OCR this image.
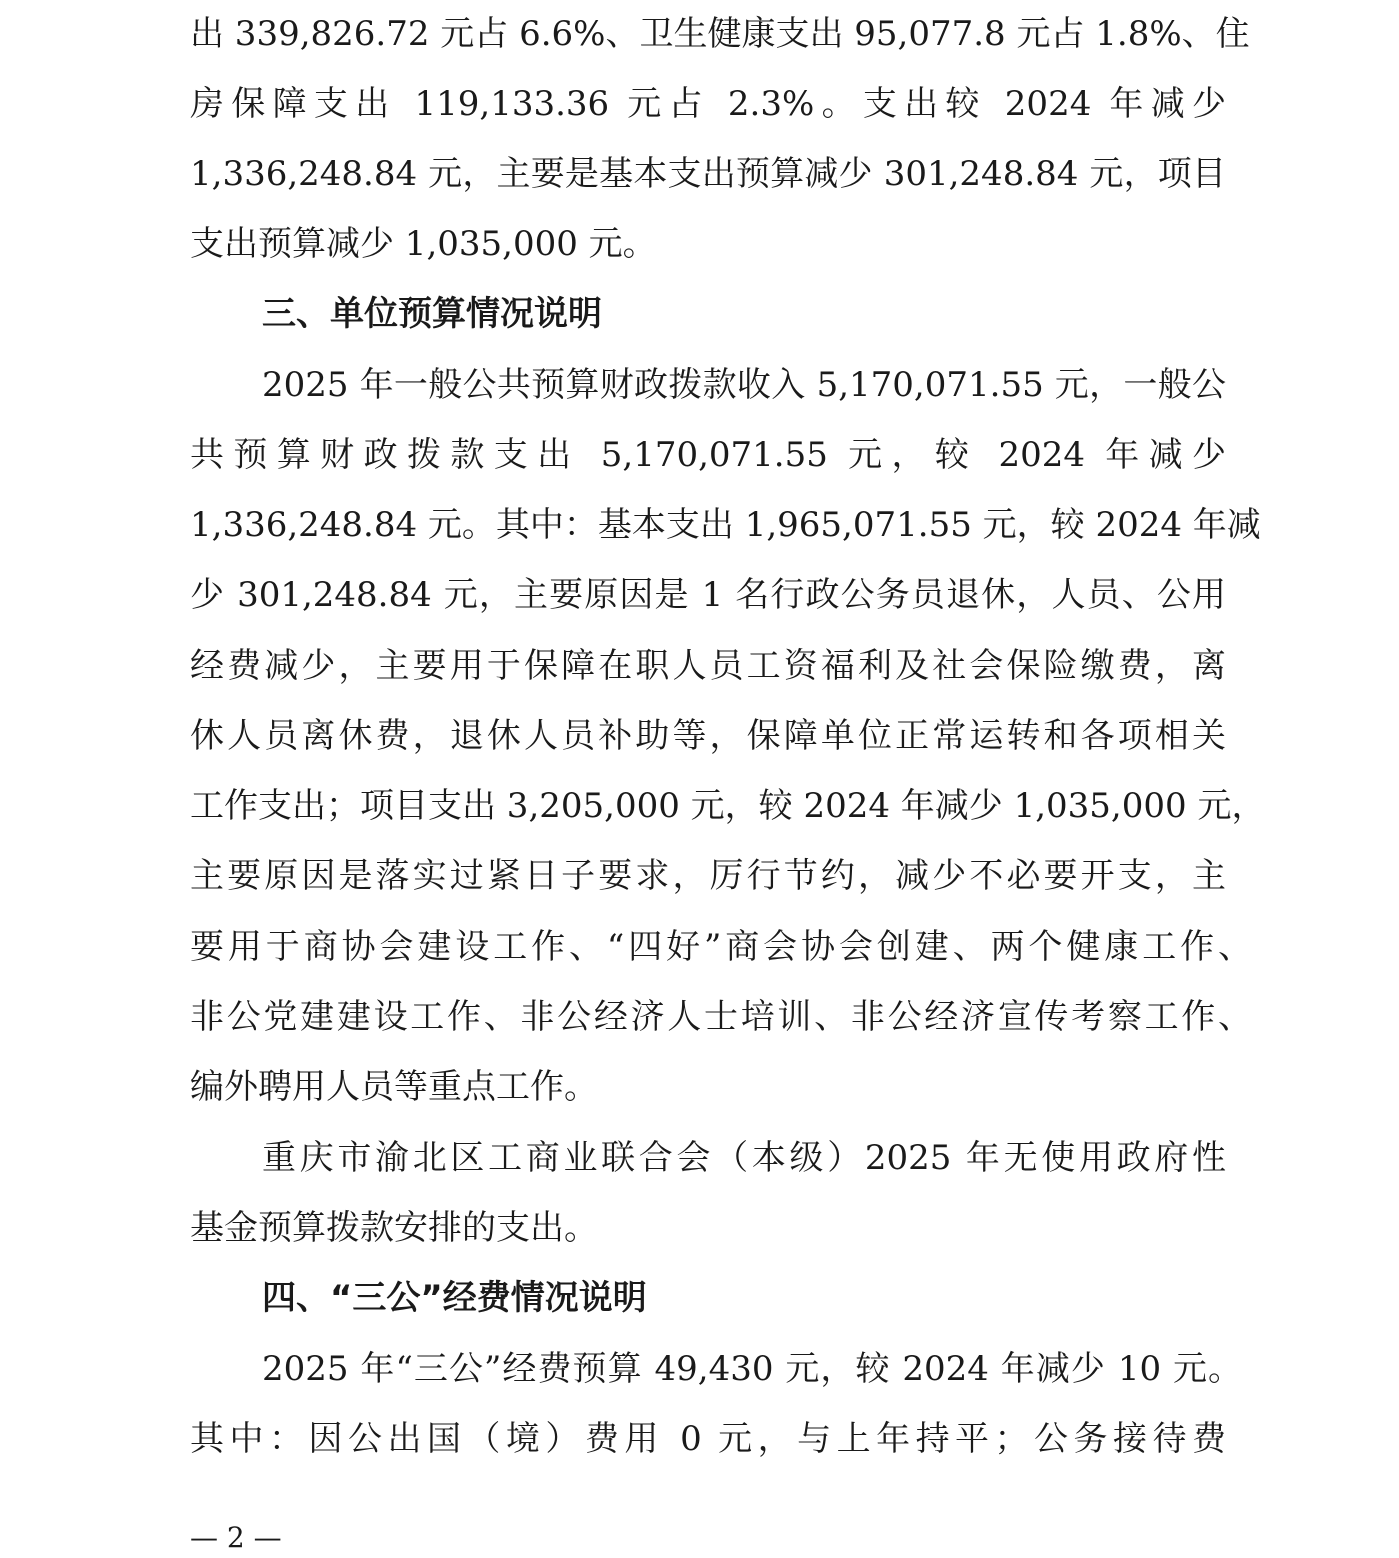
出 339,826.72 元占 6.6%、卫生健康支出 95,077.8 元占 1.8%、住
房保障支出 119,133.36 元占 2.3%。支出较 2024 年减少
1,336,248.84 元，主要是基本支出预算减少 301,248.84 元，项目
支出预算减少 1,035,000 元。
三、单位预算情况说明
2025 年一般公共预算财政拨款收入 5,170,071.55 元，一般公
共预算财政拨款支出 5,170,071.55 元，较 2024 年减少
1,336,248.84 元。其中：基本支出 1,965,071.55 元，较 2024 年减
少 301,248.84 元，主要原因是 1 名行政公务员退休，人员、公用
经费减少，主要用于保障在职人员工资福利及社会保险缴费，离
休人员离休费，退休人员补助等，保障单位正常运转和各项相关
工作支出；项目支出 3,205,000 元，较 2024 年减少 1,035,000 元，
主要原因是落实过紧日子要求，厉行节约，减少不必要开支，主
要用于商协会建设工作、“四好”商会协会创建、两个健康工作、
非公党建建设工作、非公经济人士培训、非公经济宣传考察工作、
编外聘用人员等重点工作。
重庆市渝北区工商业联合会（本级）2025 年无使用政府性
基金预算拨款安排的支出。
四、“三公”经费情况说明
2025 年“三公”经费预算 49,430 元，较 2024 年减少 10 元。
其中：因公出国（境）费用 0 元，与上年持平；公务接待费
— 2 —
